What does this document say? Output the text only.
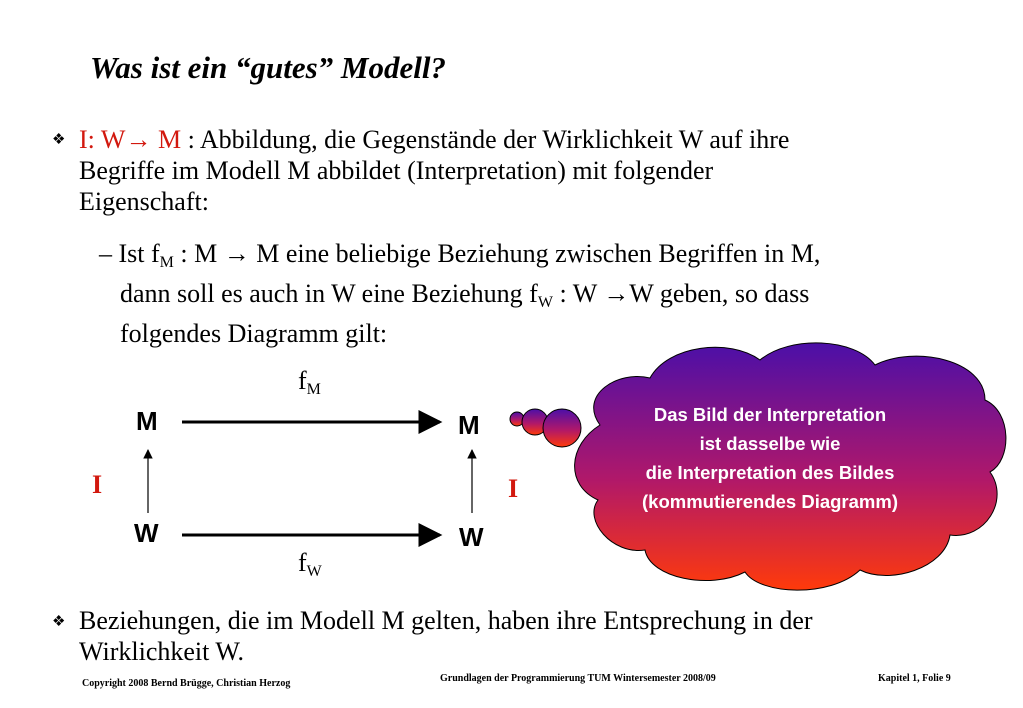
Was ist ein “gutes” Modell?
❖ I: W→ M : Abbildung, die Gegenstände der Wirklichkeit W auf ihre
Begriffe im Modell M abbildet (Interpretation) mit folgender
Eigenschaft:
– Ist $f_M$ : M → M eine beliebige Beziehung zwischen Begriffen in M,
dann soll es auch in W eine Beziehung $f_W$ : W →W geben, so dass
folgendes Diagramm gilt:
$f_M$
$f_W$
M	M
W	W
I	I
Das Bild der Interpretation
ist dasselbe wie
die Interpretation des Bildes
(kommutierendes Diagramm)
❖ Beziehungen, die im Modell M gelten, haben ihre Entsprechung in der
Wirklichkeit W.
Copyright 2008 Bernd Brügge, Christian Herzog	Grundlagen der Programmierung TUM Wintersemester 2008/09	Kapitel 1, Folie 9
